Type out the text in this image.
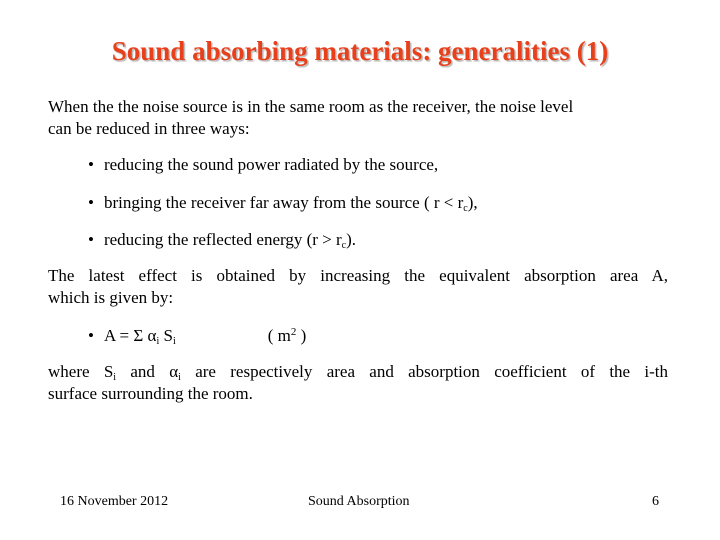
Sound absorbing materials: generalities (1)
When the the noise source is in the same room as the receiver, the noise level
can be reduced in three ways:
• reducing the sound power radiated by the source,
• bringing the receiver far away from the source ( $r < r_c$),
• reducing the reflected energy $(r > r_c)$.
The latest effect is obtained by increasing the equivalent absorption area A,
which is given by:
• A = Σ $\alpha_i$ $S_i$	( $m^2$ )
where $S_i$ and $\alpha_i$ are respectively area and absorption coefficient of the i-th
surface surrounding the room.
16 November 2012	Sound Absorption	6
